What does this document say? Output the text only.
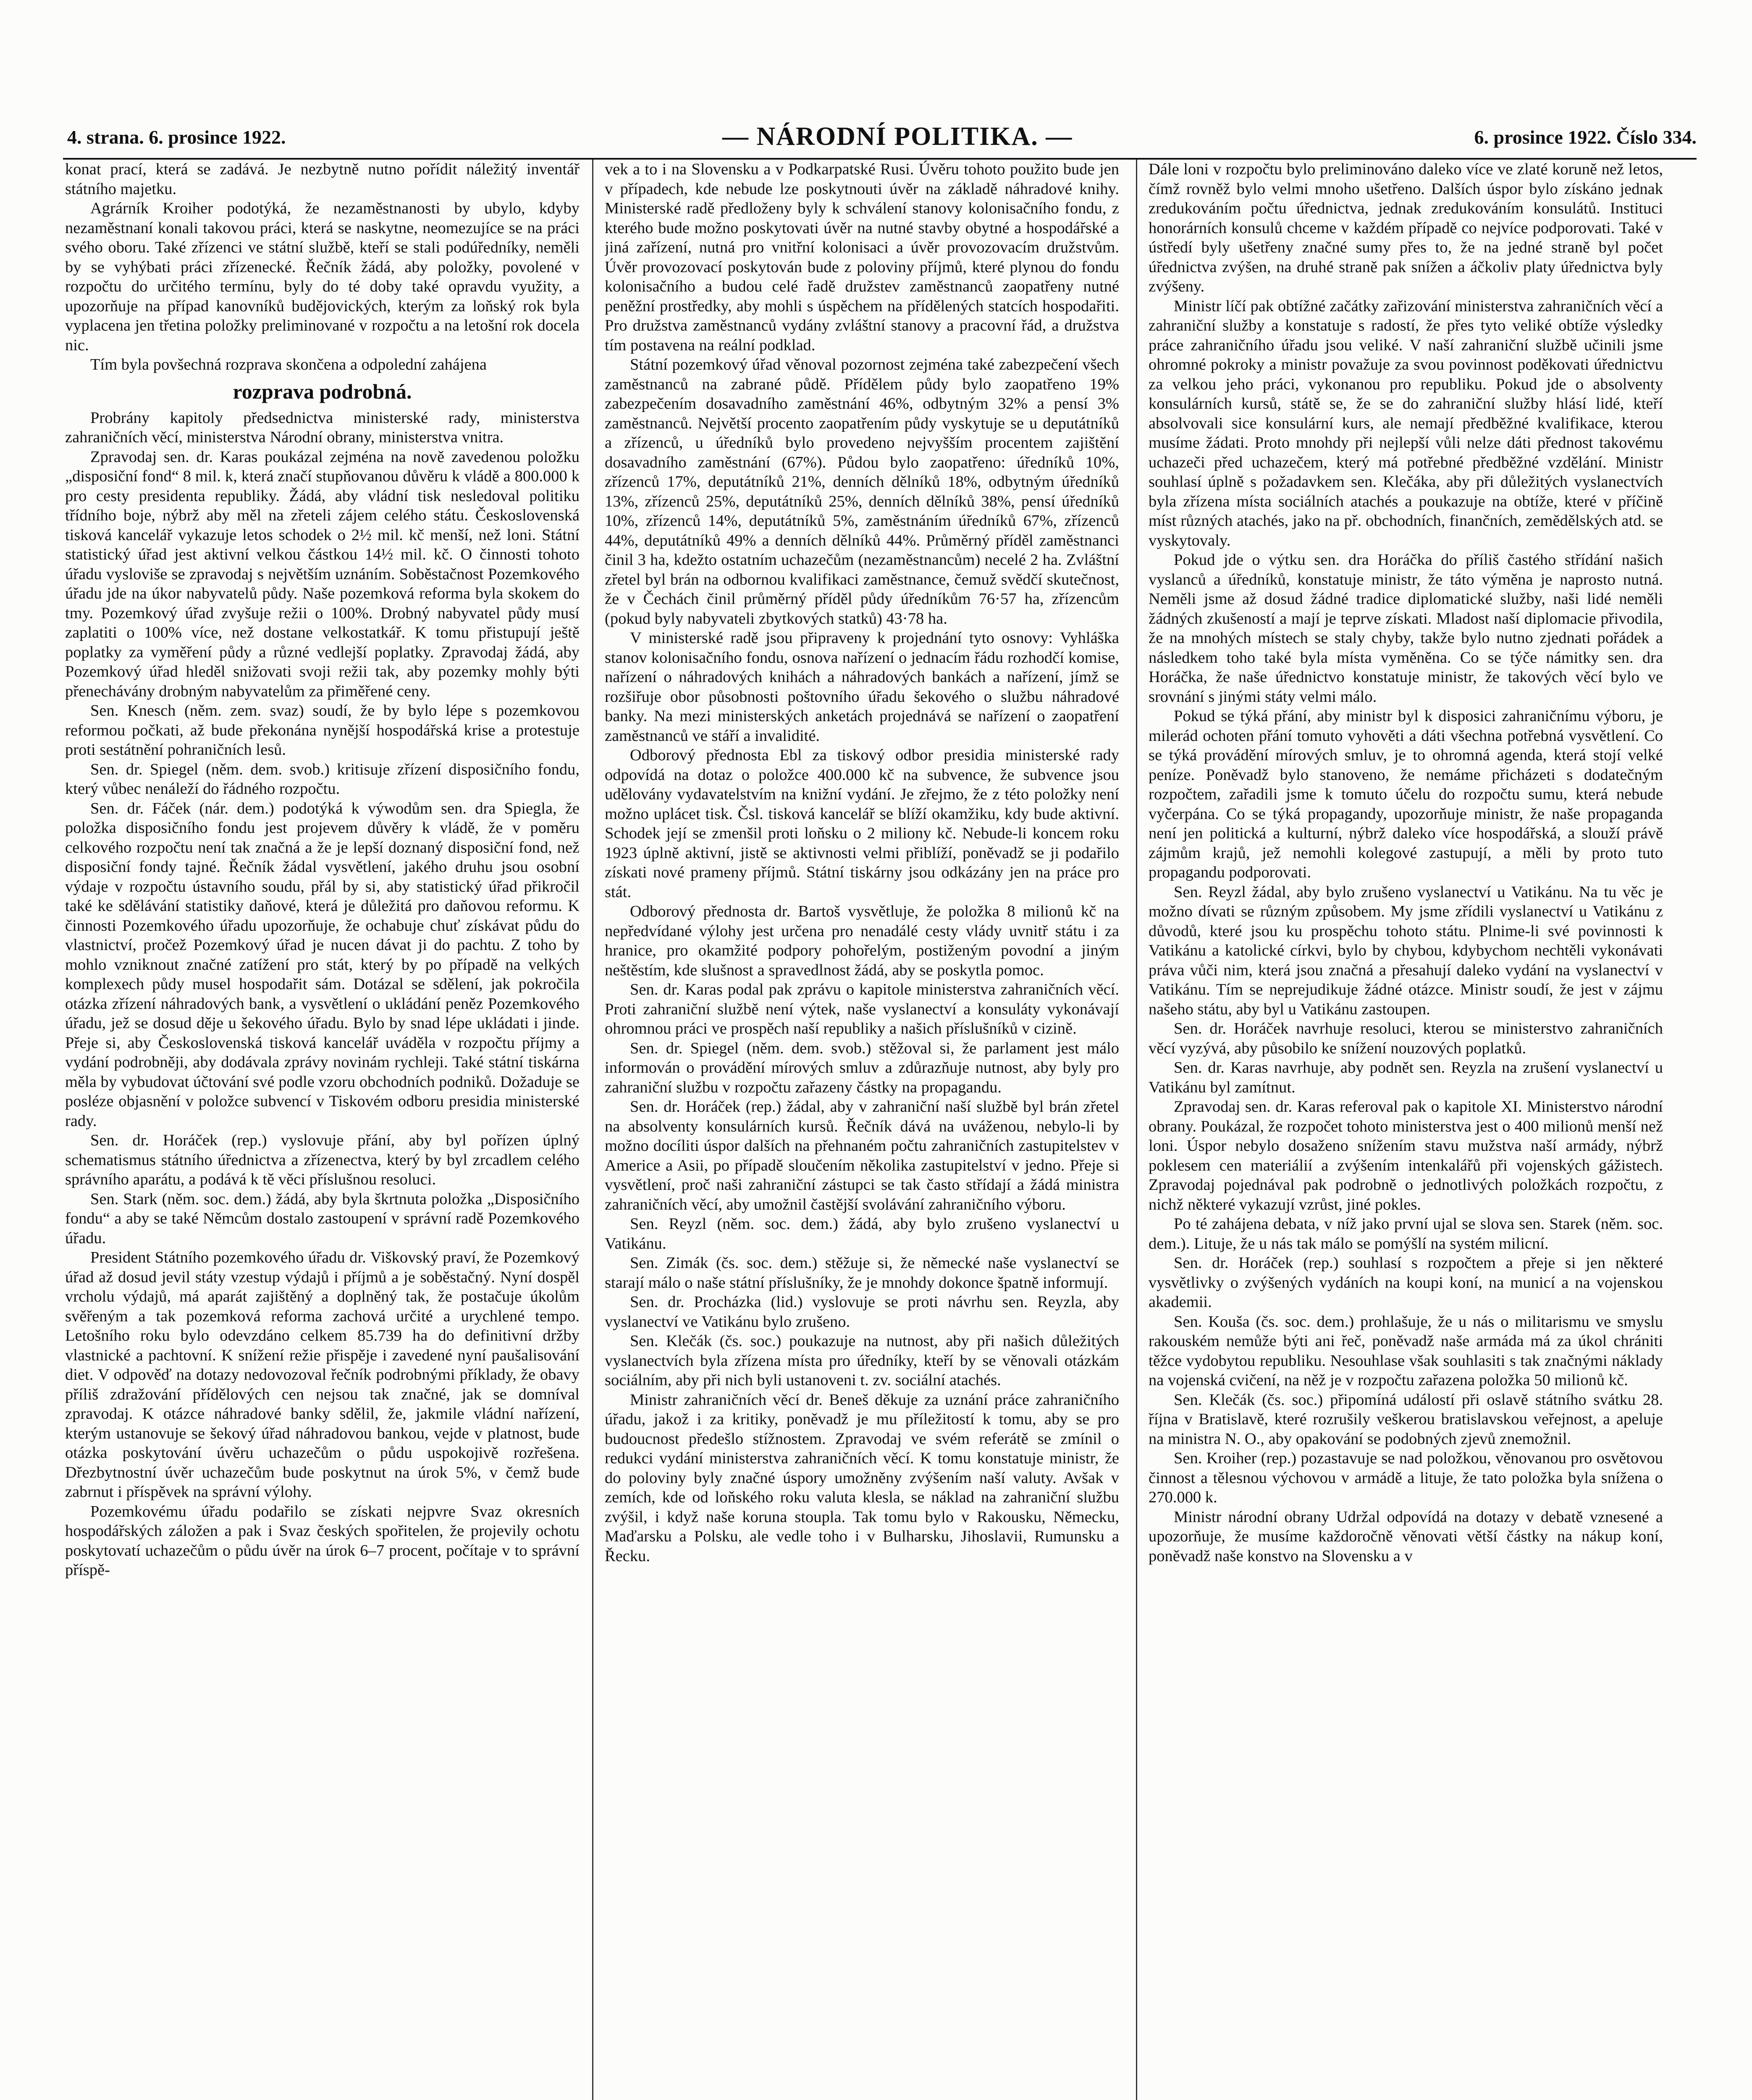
4. strana. 6. prosince 1922.	— NÁRODNÍ POLITIKA. —	6. prosince 1922. Číslo 334.

konat prací, která se zadává. Je nezbytně nutno pořídit náležitý inventář státního majetku.

Agrárník Kroiher podotýká, že nezaměstnanosti by ubylo, kdyby nezaměstnaní konali takovou práci, která se naskytne, neomezujíce se na práci svého oboru. Také zřízenci ve státní službě, kteří se stali podúředníky, neměli by se vyhýbati práci zřízenecké. Řečník žádá, aby položky, povolené v rozpočtu do určitého termínu, byly do té doby také opravdu využity, a upozorňuje na případ kanovníků budějovických, kterým za loňský rok byla vyplacena jen třetina položky preliminované v rozpočtu a na letošní rok docela nic.

Tím byla povšechná rozprava skončena a odpolední zahájena

rozprava podrobná.

Probrány kapitoly předsednictva ministerské rady, ministerstva zahraničních věcí, ministerstva Národní obrany, ministerstva vnitra.

Zpravodaj sen. dr. Karas poukázal zejména na nově zavedenou položku „disposiční fond“ 8 mil. k, která značí stupňovanou důvěru k vládě a 800.000 k pro cesty presidenta republiky. Žádá, aby vládní tisk nesledoval politiku třídního boje, nýbrž aby měl na zřeteli zájem celého státu. Československá tisková kancelář vykazuje letos schodek o 2½ mil. kč menší, než loni. Státní statistický úřad jest aktivní velkou částkou 14½ mil. kč. O činnosti tohoto úřadu vysloviše se zpravodaj s největším uznáním. Soběstačnost Pozemkového úřadu jde na úkor nabyvatelů půdy. Naše pozemková reforma byla skokem do tmy. Pozemkový úřad zvyšuje režii o 100%. Drobný nabyvatel půdy musí zaplatiti o 100% více, než dostane velkostatkář. K tomu přistupují ještě poplatky za vyměření půdy a různé vedlejší poplatky. Zpravodaj žádá, aby Pozemkový úřad hleděl snižovati svoji režii tak, aby pozemky mohly býti přenechávány drobným nabyvatelům za přiměřené ceny.

Sen. Knesch (něm. zem. svaz) soudí, že by bylo lépe s pozemkovou reformou počkati, až bude překonána nynější hospodářská krise a protestuje proti sestátnění pohraničních lesů.

Sen. dr. Spiegel (něm. dem. svob.) kritisuje zřízení disposičního fondu, který vůbec nenáleží do řádného rozpočtu.

Sen. dr. Fáček (nár. dem.) podotýká k výwodům sen. dra Spiegla, že položka disposičního fondu jest projevem důvěry k vládě, že v poměru celkového rozpočtu není tak značná a že je lepší doznaný disposiční fond, než disposiční fondy tajné. Řečník žádal vysvětlení, jakého druhu jsou osobní výdaje v rozpočtu ústavního soudu, přál by si, aby statistický úřad přikročil také ke sdělávání statistiky daňové, která je důležitá pro daňovou reformu. K činnosti Pozemkového úřadu upozorňuje, že ochabuje chuť získávat půdu do vlastnictví, pročež Pozemkový úřad je nucen dávat ji do pachtu. Z toho by mohlo vzniknout značné zatížení pro stát, který by po případě na velkých komplexech půdy musel hospodařit sám. Dotázal se sdělení, jak pokročila otázka zřízení náhradových bank, a vysvětlení o ukládání peněz Pozemkového úřadu, jež se dosud děje u šekového úřadu. Bylo by snad lépe ukládati i jinde. Přeje si, aby Československá tisková kancelář uváděla v rozpočtu příjmy a vydání podrobněji, aby dodávala zprávy novinám rychleji. Také státní tiskárna měla by vybudovat účtování své podle vzoru obchodních podniků. Dožaduje se posléze objasnění v položce subvencí v Tiskovém odboru presidia ministerské rady.

Sen. dr. Horáček (rep.) vyslovuje přání, aby byl pořízen úplný schematismus státního úřednictva a zřízenectva, který by byl zrcadlem celého správního aparátu, a podává k tě věci příslušnou resoluci.

Sen. Stark (něm. soc. dem.) žádá, aby byla škrtnuta položka „Disposičního fondu“ a aby se také Němcům dostalo zastoupení v správní radě Pozemkového úřadu.

President Státního pozemkového úřadu dr. Viškovský praví, že Pozemkový úřad až dosud jevil státy vzestup výdajů i příjmů a je soběstačný. Nyní dospěl vrcholu výdajů, má aparát zajištěný a doplněný tak, že postačuje úkolům svěřeným a tak pozemková reforma zachová určité a urychlené tempo. Letošního roku bylo odevzdáno celkem 85.739 ha do definitivní držby vlastnické a pachtovní. K snížení režie přispěje i zavedené nyní paušalisování diet. V odpověď na dotazy nedovozoval řečník podrobnými příklady, že obavy příliš zdražování přídělových cen nejsou tak značné, jak se domníval zpravodaj. K otázce náhradové banky sdělil, že, jakmile vládní nařízení, kterým ustanovuje se šekový úřad náhradovou bankou, vejde v platnost, bude otázka poskytování úvěru uchazečům o půdu uspokojivě rozřešena. Dřezbytnostní úvěr uchazečům bude poskytnut na úrok 5%, v čemž bude zabrnut i příspěvek na správní výlohy.

Pozemkovému úřadu podařilo se získati nejpvre Svaz okresních hospodářských záložen a pak i Svaz českých spořitelen, že projevily ochotu poskytovatí uchazečům o půdu úvěr na úrok 6–7 procent, počítaje v to správní příspě-

vek a to i na Slovensku a v Podkarpatské Rusi. Úvěru tohoto použito bude jen v případech, kde nebude lze poskytnouti úvěr na základě náhradové knihy. Ministerské radě předloženy byly k schválení stanovy kolonisačního fondu, z kterého bude možno poskytovati úvěr na nutné stavby obytné a hospodářské a jiná zařízení, nutná pro vnitřní kolonisaci a úvěr provozovacím družstvům. Úvěr provozovací poskytován bude z poloviny příjmů, které plynou do fondu kolonisačního a budou celé řadě družstev zaměstnanců zaopatřeny nutné peněžní prostředky, aby mohli s úspěchem na přídělených statcích hospodařiti. Pro družstva zaměstnanců vydány zvláštní stanovy a pracovní řád, a družstva tím postavena na reální podklad.

Státní pozemkový úřad věnoval pozornost zejména také zabezpečení všech zaměstnanců na zabrané půdě. Přídělem půdy bylo zaopatřeno 19% zabezpečením dosavadního zaměstnání 46%, odbytným 32% a pensí 3% zaměstnanců. Největší procento zaopatřením půdy vyskytuje se u deputátníků a zřízenců, u úředníků bylo provedeno nejvyšším procentem zajištění dosavadního zaměstnání (67%). Půdou bylo zaopatřeno: úředníků 10%, zřízenců 17%, deputátníků 21%, denních dělníků 18%, odbytným úředníků 13%, zřízenců 25%, deputátníků 25%, denních dělníků 38%, pensí úředníků 10%, zřízenců 14%, deputátníků 5%, zaměstnáním úředníků 67%, zřízenců 44%, deputátníků 49% a denních dělníků 44%. Průměrný příděl zaměstnanci činil 3 ha, kdežto ostatním uchazečům (nezaměstnancům) necelé 2 ha. Zvláštní zřetel byl brán na odbornou kvalifikaci zaměstnance, čemuž svědčí skutečnost, že v Čechách činil průměrný příděl půdy úředníkům 76·57 ha, zřízencům (pokud byly nabyvateli zbytkových statků) 43·78 ha.

V ministerské radě jsou připraveny k projednání tyto osnovy: Vyhláška stanov kolonisačního fondu, osnova nařízení o jednacím řádu rozhodčí komise, nařízení o náhradových knihách a náhradových bankách a nařízení, jímž se rozšiřuje obor působnosti poštovního úřadu šekového o službu náhradové banky. Na mezi ministerských anketách projednává se nařízení o zaopatření zaměstnanců ve stáří a invalidité.

Odborový přednosta Ebl za tiskový odbor presidia ministerské rady odpovídá na dotaz o položce 400.000 kč na subvence, že subvence jsou udělovány vydavatelstvím na knižní vydání. Je zřejmo, že z této položky není možno uplácet tisk. Čsl. tisková kancelář se blíží okamžiku, kdy bude aktivní. Schodek její se zmenšil proti loňsku o 2 miliony kč. Nebude-li koncem roku 1923 úplně aktivní, jistě se aktivnosti velmi přiblíží, poněvadž se ji podařilo získati nové prameny příjmů. Státní tiskárny jsou odkázány jen na práce pro stát.

Odborový přednosta dr. Bartoš vysvětluje, že položka 8 milionů kč na nepředvídané výlohy jest určena pro nenadálé cesty vlády uvnitř státu i za hranice, pro okamžité podpory pohořelým, postiženým povodní a jiným neštěstím, kde slušnost a spravedlnost žádá, aby se poskytla pomoc.

Sen. dr. Karas podal pak zprávu o kapitole ministerstva zahraničních věcí. Proti zahraniční službě není výtek, naše vyslanectví a konsuláty vykonávají ohromnou práci ve prospěch naší republiky a našich příslušníků v cizině.

Sen. dr. Spiegel (něm. dem. svob.) stěžoval si, že parlament jest málo informován o provádění mírových smluv a zdůrazňuje nutnost, aby byly pro zahraniční službu v rozpočtu zařazeny částky na propagandu.

Sen. dr. Horáček (rep.) žádal, aby v zahraniční naší službě byl brán zřetel na absolventy konsulárních kursů. Řečník dává na uváženou, nebylo-li by možno docíliti úspor dalších na přehnaném počtu zahraničních zastupitelstev v Americe a Asii, po případě sloučením několika zastupitelství v jedno. Přeje si vysvětlení, proč naši zahraniční zástupci se tak často střídají a žádá ministra zahraničních věcí, aby umožnil častější svolávání zahraničního výboru.

Sen. Reyzl (něm. soc. dem.) žádá, aby bylo zrušeno vyslanectví u Vatikánu.

Sen. Zimák (čs. soc. dem.) stěžuje si, že německé naše vyslanectví se starají málo o naše státní příslušníky, že je mnohdy dokonce špatně informují.

Sen. dr. Procházka (lid.) vyslovuje se proti návrhu sen. Reyzla, aby vyslanectví ve Vatikánu bylo zrušeno.

Sen. Klečák (čs. soc.) poukazuje na nutnost, aby při našich důležitých vyslanectvích byla zřízena místa pro úředníky, kteří by se věnovali otázkám sociálním, aby při nich byli ustanoveni t. zv. sociální atachés.

Ministr zahraničních věcí dr. Beneš děkuje za uznání práce zahraničního úřadu, jakož i za kritiky, poněvadž je mu příležitostí k tomu, aby se pro budoucnost předešlo stížnostem. Zpravodaj ve svém referátě se zmínil o redukci vydání ministerstva zahraničních věcí. K tomu konstatuje ministr, že do poloviny byly značné úspory umožněny zvýšením naší valuty. Avšak v zemích, kde od loňského roku valuta klesla, se náklad na zahraniční službu zvýšil, i když naše koruna stoupla. Tak tomu bylo v Rakousku, Německu, Maďarsku a Polsku, ale vedle toho i v Bulharsku, Jihoslavii, Rumunsku a Řecku.

Dále loni v rozpočtu bylo preliminováno daleko více ve zlaté koruně než letos, čímž rovněž bylo velmi mnoho ušetřeno. Dalších úspor bylo získáno jednak zredukováním počtu úřednictva, jednak zredukováním konsulátů. Instituci honorárních konsulů chceme v každém případě co nejvíce podporovati. Také v ústředí byly ušetřeny značné sumy přes to, že na jedné straně byl počet úřednictva zvýšen, na druhé straně pak snížen a áčkoliv platy úřednictva byly zvýšeny.

Ministr líčí pak obtížné začátky zařizování ministerstva zahraničních věcí a zahraniční služby a konstatuje s radostí, že přes tyto veliké obtíže výsledky práce zahraničního úřadu jsou veliké. V naší zahraniční službě učinili jsme ohromné pokroky a ministr považuje za svou povinnost poděkovati úřednictvu za velkou jeho práci, vykonanou pro republiku. Pokud jde o absolventy konsulárních kursů, státě se, že se do zahraniční služby hlásí lidé, kteří absolvovali sice konsulární kurs, ale nemají předběžné kvalifikace, kterou musíme žádati. Proto mnohdy při nejlepší vůli nelze dáti přednost takovému uchazeči před uchazečem, který má potřebné předběžné vzdělání. Ministr souhlasí úplně s požadavkem sen. Klečáka, aby při důležitých vyslanectvích byla zřízena místa sociálních atachés a poukazuje na obtíže, které v příčině míst různých atachés, jako na př. obchodních, finančních, zemědělských atd. se vyskytovaly.

Pokud jde o výtku sen. dra Horáčka do příliš častého střídání našich vyslanců a úředníků, konstatuje ministr, že táto výměna je naprosto nutná. Neměli jsme až dosud žádné tradice diplomatické služby, naši lidé neměli žádných zkušeností a mají je teprve získati. Mladost naší diplomacie přivodila, že na mnohých místech se staly chyby, takže bylo nutno zjednati pořádek a následkem toho také byla místa vyměněna. Co se týče námitky sen. dra Horáčka, že naše úřednictvo konstatuje ministr, že takových věcí bylo ve srovnání s jinými státy velmi málo.

Pokud se týká přání, aby ministr byl k disposici zahraničnímu výboru, je milerád ochoten přání tomuto vyhověti a dáti všechna potřebná vysvětlení. Co se týká provádění mírových smluv, je to ohromná agenda, která stojí velké peníze. Poněvadž bylo stanoveno, že nemáme přicházeti s dodatečným rozpočtem, zařadili jsme k tomuto účelu do rozpočtu sumu, která nebude vyčerpána. Co se týká propagandy, upozorňuje ministr, že naše propaganda není jen politická a kulturní, nýbrž daleko více hospodářská, a slouží právě zájmům krajů, jež nemohli kolegové zastupují, a měli by proto tuto propagandu podporovati.

Sen. Reyzl žádal, aby bylo zrušeno vyslanectví u Vatikánu. Na tu věc je možno dívati se různým způsobem. My jsme zřídili vyslanectví u Vatikánu z důvodů, které jsou ku prospěchu tohoto státu. Plnime-li své povinnosti k Vatikánu a katolické církvi, bylo by chybou, kdybychom nechtěli vykonávati práva vůči nim, která jsou značná a přesahují daleko vydání na vyslanectví v Vatikánu. Tím se neprejudikuje žádné otázce. Ministr soudí, že jest v zájmu našeho státu, aby byl u Vatikánu zastoupen.

Sen. dr. Horáček navrhuje resoluci, kterou se ministerstvo zahraničních věcí vyzývá, aby působilo ke snížení nouzových poplatků.

Sen. dr. Karas navrhuje, aby podnět sen. Reyzla na zrušení vyslanectví u Vatikánu byl zamítnut.

Zpravodaj sen. dr. Karas referoval pak o kapitole XI. Ministerstvo národní obrany. Poukázal, že rozpočet tohoto ministerstva jest o 400 milionů menší než loni. Úspor nebylo dosaženo snížením stavu mužstva naší armády, nýbrž poklesem cen materiálií a zvýšením intenkalářů při vojenských gážistech. Zpravodaj pojednával pak podrobně o jednotlivých položkách rozpočtu, z nichž některé vykazují vzrůst, jiné pokles.

Po té zahájena debata, v níž jako první ujal se slova sen. Starek (něm. soc. dem.). Lituje, že u nás tak málo se pomýšlí na systém milicní.

Sen. dr. Horáček (rep.) souhlasí s rozpočtem a přeje si jen některé vysvětlivky o zvýšených vydáních na koupi koní, na municí a na vojenskou akademii.

Sen. Kouša (čs. soc. dem.) prohlašuje, že u nás o militarismu ve smyslu rakouském nemůže býti ani řeč, poněvadž naše armáda má za úkol chrániti těžce vydobytou republiku. Nesouhlase však souhlasiti s tak značnými náklady na vojenská cvičení, na něž je v rozpočtu zařazena položka 50 milionů kč.

Sen. Klečák (čs. soc.) připomíná událostí při oslavě státního svátku 28. října v Bratislavě, které rozrušily veškerou bratislavskou veřejnost, a apeluje na ministra N. O., aby opakování se podobných zjevů znemožnil.

Sen. Kroiher (rep.) pozastavuje se nad položkou, věnovanou pro osvětovou činnost a tělesnou výchovou v armádě a lituje, že tato položka byla snížena o 270.000 k.

Ministr národní obrany Udržal odpovídá na dotazy v debatě vznesené a upozorňuje, že musíme každoročně věnovati větší částky na nákup koní, poněvadž naše konstvo na Slovensku a v
